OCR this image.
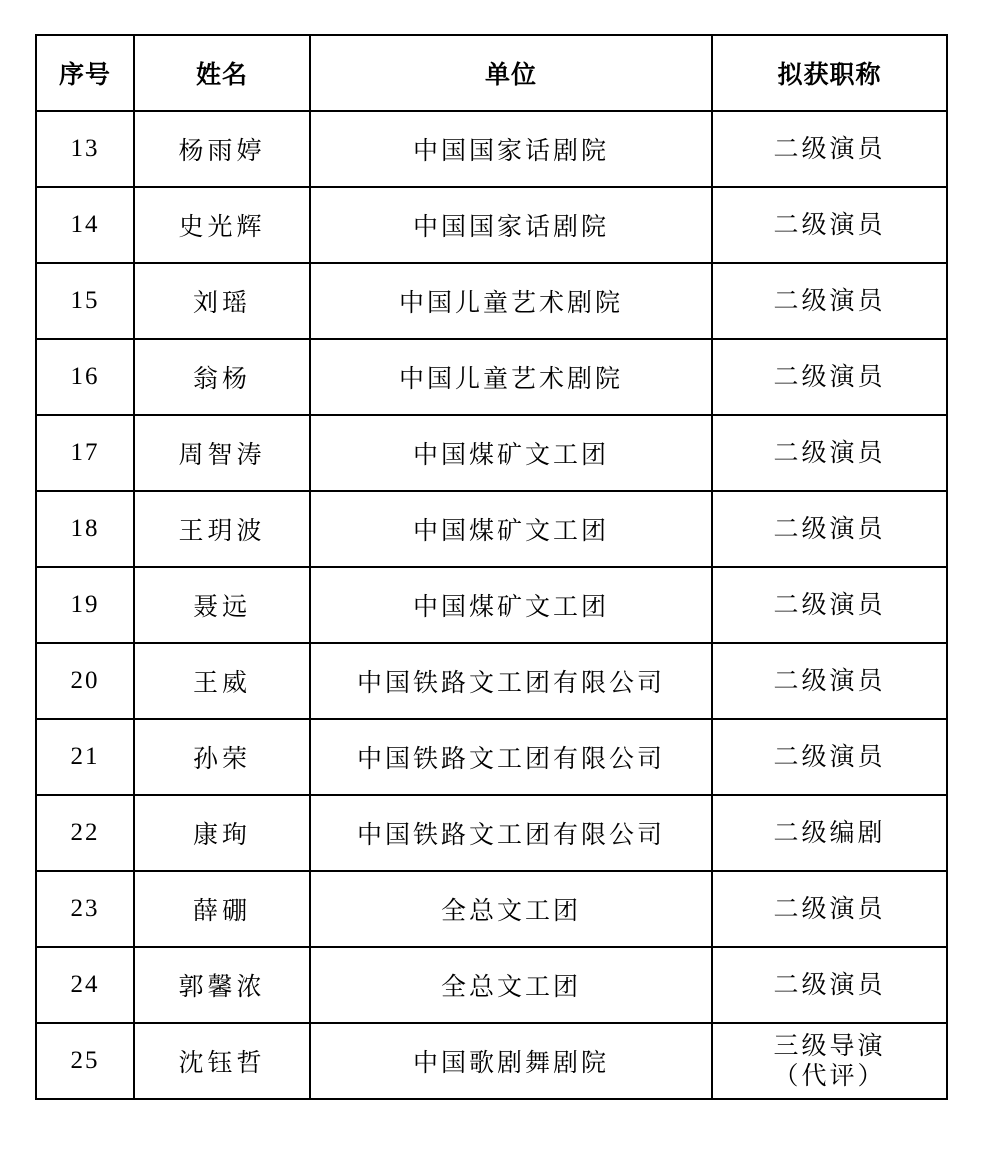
序号	姓名	单位	拟获职称
13	杨雨婷	中国国家话剧院	二级演员
14	史光辉	中国国家话剧院	二级演员
15	刘瑶	中国儿童艺术剧院	二级演员
16	翁杨	中国儿童艺术剧院	二级演员
17	周智涛	中国煤矿文工团	二级演员
18	王玥波	中国煤矿文工团	二级演员
19	聂远	中国煤矿文工团	二级演员
20	王威	中国铁路文工团有限公司	二级演员
21	孙荣	中国铁路文工团有限公司	二级演员
22	康珣	中国铁路文工团有限公司	二级编剧
23	薛硼	全总文工团	二级演员
24	郭馨浓	全总文工团	二级演员
25	沈钰哲	中国歌剧舞剧院	三级导演
（代评）
